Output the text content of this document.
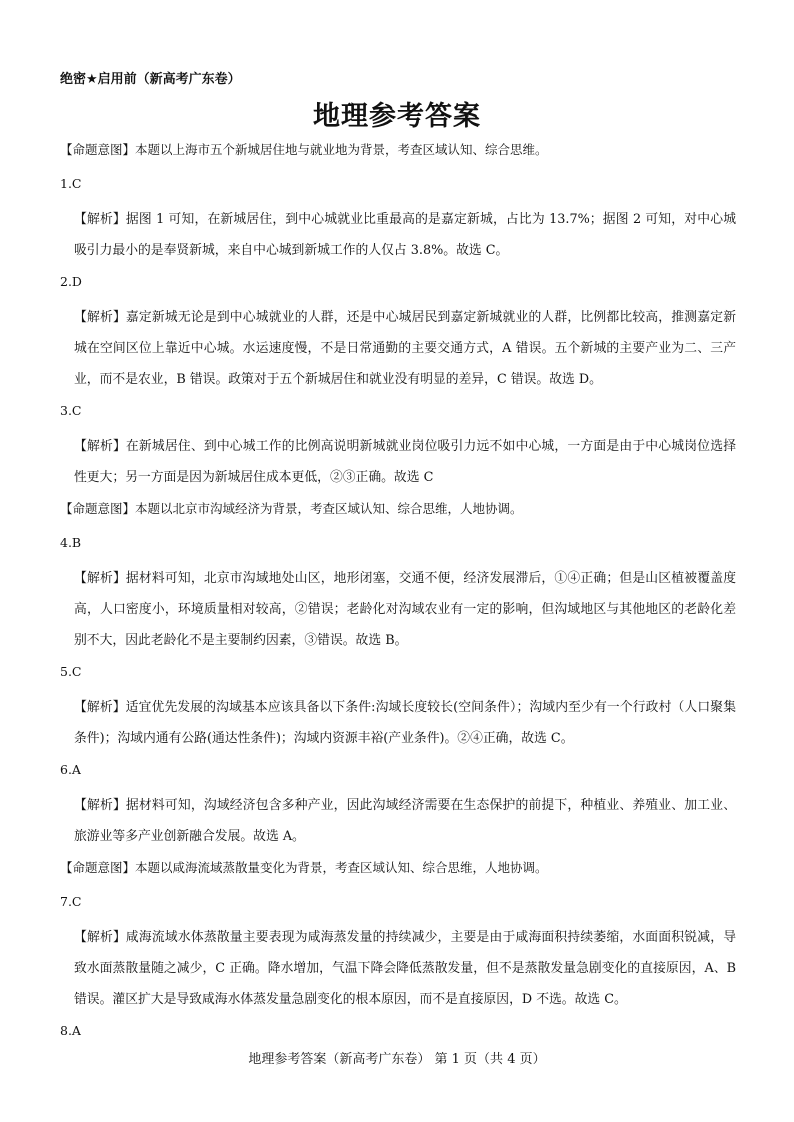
绝密★启用前（新高考广东卷）
地理参考答案

【命题意图】本题以上海市五个新城居住地与就业地为背景，考查区域认知、综合思维。

1.C

【解析】据图 1 可知，在新城居住，到中心城就业比重最高的是嘉定新城，占比为 13.7%；据图 2 可知，对中心城吸引力最小的是奉贤新城，来自中心城到新城工作的人仅占 3.8%。故选 C。

2.D

【解析】嘉定新城无论是到中心城就业的人群，还是中心城居民到嘉定新城就业的人群，比例都比较高，推测嘉定新城在空间区位上靠近中心城。水运速度慢，不是日常通勤的主要交通方式，A 错误。五个新城的主要产业为二、三产业，而不是农业，B 错误。政策对于五个新城居住和就业没有明显的差异，C 错误。故选 D。

3.C

【解析】在新城居住、到中心城工作的比例高说明新城就业岗位吸引力远不如中心城，一方面是由于中心城岗位选择性更大；另一方面是因为新城居住成本更低，②③正确。故选 C

【命题意图】本题以北京市沟域经济为背景，考查区域认知、综合思维，人地协调。

4.B

【解析】据材料可知，北京市沟域地处山区，地形闭塞，交通不便，经济发展滞后，①④正确；但是山区植被覆盖度高，人口密度小，环境质量相对较高，②错误；老龄化对沟域农业有一定的影响，但沟域地区与其他地区的老龄化差别不大，因此老龄化不是主要制约因素，③错误。故选 B。

5.C

【解析】适宜优先发展的沟域基本应该具备以下条件:沟域长度较长(空间条件）；沟域内至少有一个行政村（人口聚集条件)；沟域内通有公路(通达性条件)；沟域内资源丰裕(产业条件)。②④正确，故选 C。

6.A

【解析】据材料可知，沟域经济包含多种产业，因此沟域经济需要在生态保护的前提下，种植业、养殖业、加工业、旅游业等多产业创新融合发展。故选 A。

【命题意图】本题以咸海流域蒸散量变化为背景，考查区域认知、综合思维，人地协调。

7.C

【解析】咸海流域水体蒸散量主要表现为咸海蒸发量的持续减少，主要是由于咸海面积持续萎缩，水面面积锐减，导致水面蒸散量随之减少，C 正确。降水增加，气温下降会降低蒸散发量，但不是蒸散发量急剧变化的直接原因，A、B 错误。灌区扩大是导致咸海水体蒸发量急剧变化的根本原因，而不是直接原因，D 不选。故选 C。

8.A

地理参考答案（新高考广东卷） 第 1 页（共 4 页）
